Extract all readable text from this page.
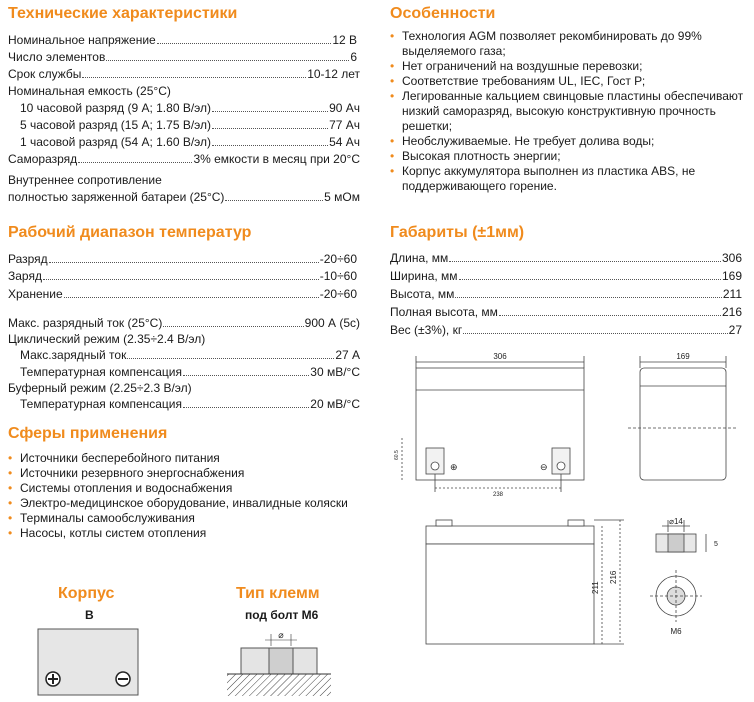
Технические характеристики
Номинальное напряжение	12 В
Число элементов	6
Срок службы	10-12 лет
Номинальная емкость (25°C)
10 часовой разряд (9 А; 1.80 В/эл)	90 Ач
5 часовой разряд (15 А; 1.75 В/эл)	77 Ач
1 часовой разряд (54 А; 1.60 В/эл)	54 Ач
Саморазряд	3% емкости в месяц при 20°C
Внутреннее сопротивление
полностью заряженной батареи (25°C)	5 мОм
Рабочий диапазон температур
Разряд	-20÷60
Заряд	-10÷60
Хранение	-20÷60
Макс. разрядный ток (25°C)	900 А (5с)
Циклический режим (2.35÷2.4 В/эл)
Макс.зарядный ток	27 А
Температурная компенсация	30 мВ/°C
Буферный режим (2.25÷2.3 В/эл)
Температурная компенсация	20 мВ/°C
Сферы применения
• Источники бесперебойного питания
• Источники резервного энергоснабжения
• Системы отопления и водоснабжения
• Электро-медицинское оборудование, инвалидные коляски
• Терминалы самообслуживания
• Насосы, котлы систем отопления
Корпус
B
Тип клемм
под болт М6
⌀
Особенности
• Технология AGM позволяет рекомбинировать до 99% выделяемого газа;
• Нет ограничений на воздушные перевозки;
• Соответствие требованиям UL, IEC, Гост Р;
• Легированные кальцием свинцовые пластины обеспечивают низкий саморазряд, высокую конструктивную прочность решетки;
• Необслуживаемые. Не требует долива воды;
• Высокая плотность энергии;
• Корпус аккумулятора выполнен из пластика ABS, не поддерживающего горение.
Габариты (±1мм)
Длина, мм	306
Ширина, мм	169
Высота, мм	211
Полная высота, мм	216
Вес (±3%), кг	27
306	169
238
60.5
⊕	⊖
211
216
⌀14
5
M6
